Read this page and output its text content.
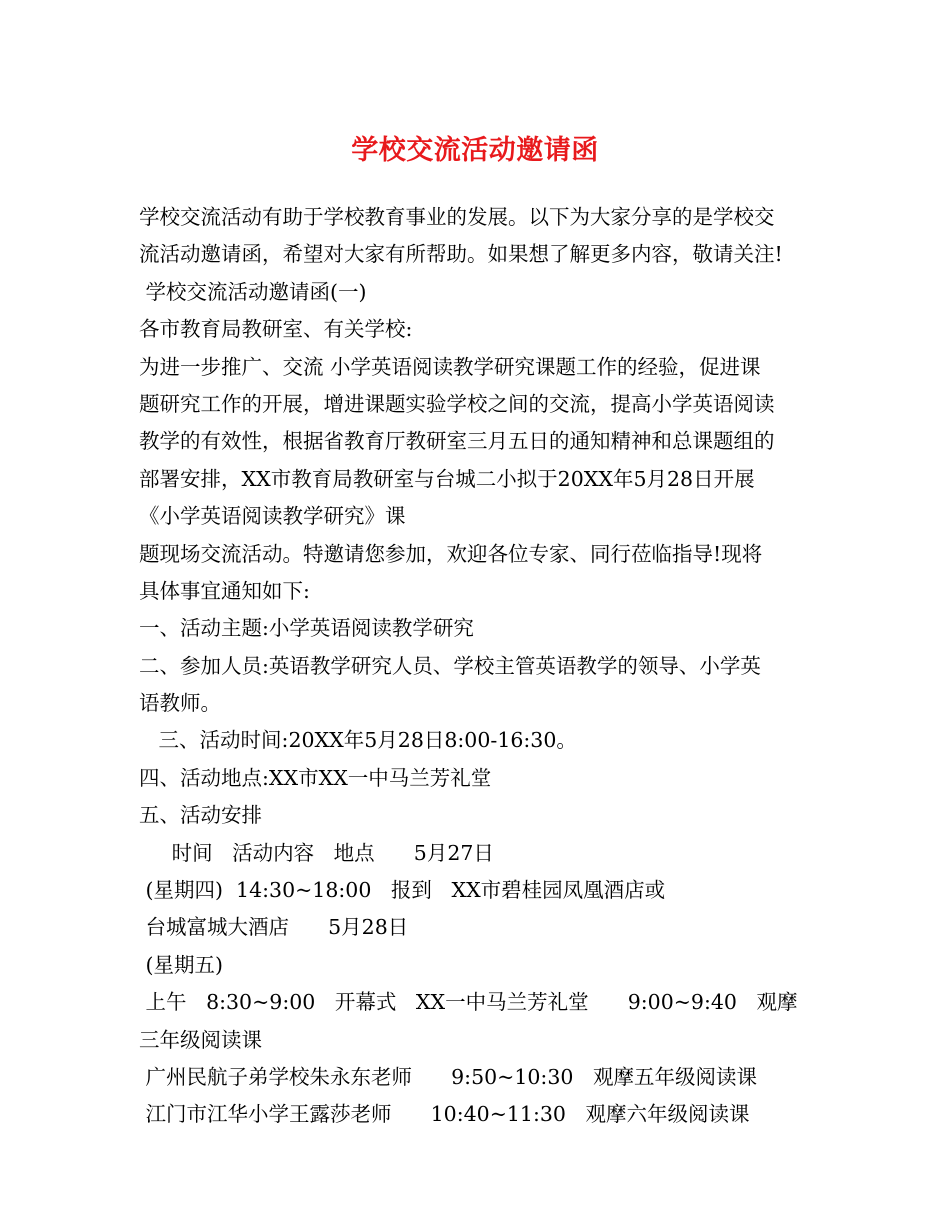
学校交流活动邀请函
学校交流活动有助于学校教育事业的发展。以下为大家分享的是学校交
流活动邀请函，希望对大家有所帮助。如果想了解更多内容，敬请关注!
学校交流活动邀请函(一)
各市教育局教研室、有关学校:
为进一步推广、交流 小学英语阅读教学研究课题工作的经验，促进课
题研究工作的开展，增进课题实验学校之间的交流，提高小学英语阅读
教学的有效性，根据省教育厅教研室三月五日的通知精神和总课题组的
部署安排，XX市教育局教研室与台城二小拟于20XX年5月28日开展
《小学英语阅读教学研究》课
题现场交流活动。特邀请您参加，欢迎各位专家、同行莅临指导!现将
具体事宜通知如下:
一、活动主题:小学英语阅读教学研究
二、参加人员:英语教学研究人员、学校主管英语教学的领导、小学英
语教师。
三、活动时间:20XX年5月28日8:00-16:30。
四、活动地点:XX市XX一中马兰芳礼堂
五、活动安排
时间   活动内容   地点      5月27日
(星期四)  14:30~18:00   报到   XX市碧桂园凤凰酒店或
台城富城大酒店      5月28日
(星期五)
上午   8:30~9:00   开幕式   XX一中马兰芳礼堂      9:00~9:40   观摩
三年级阅读课
广州民航子弟学校朱永东老师      9:50~10:30   观摩五年级阅读课
江门市江华小学王露莎老师      10:40~11:30   观摩六年级阅读课
